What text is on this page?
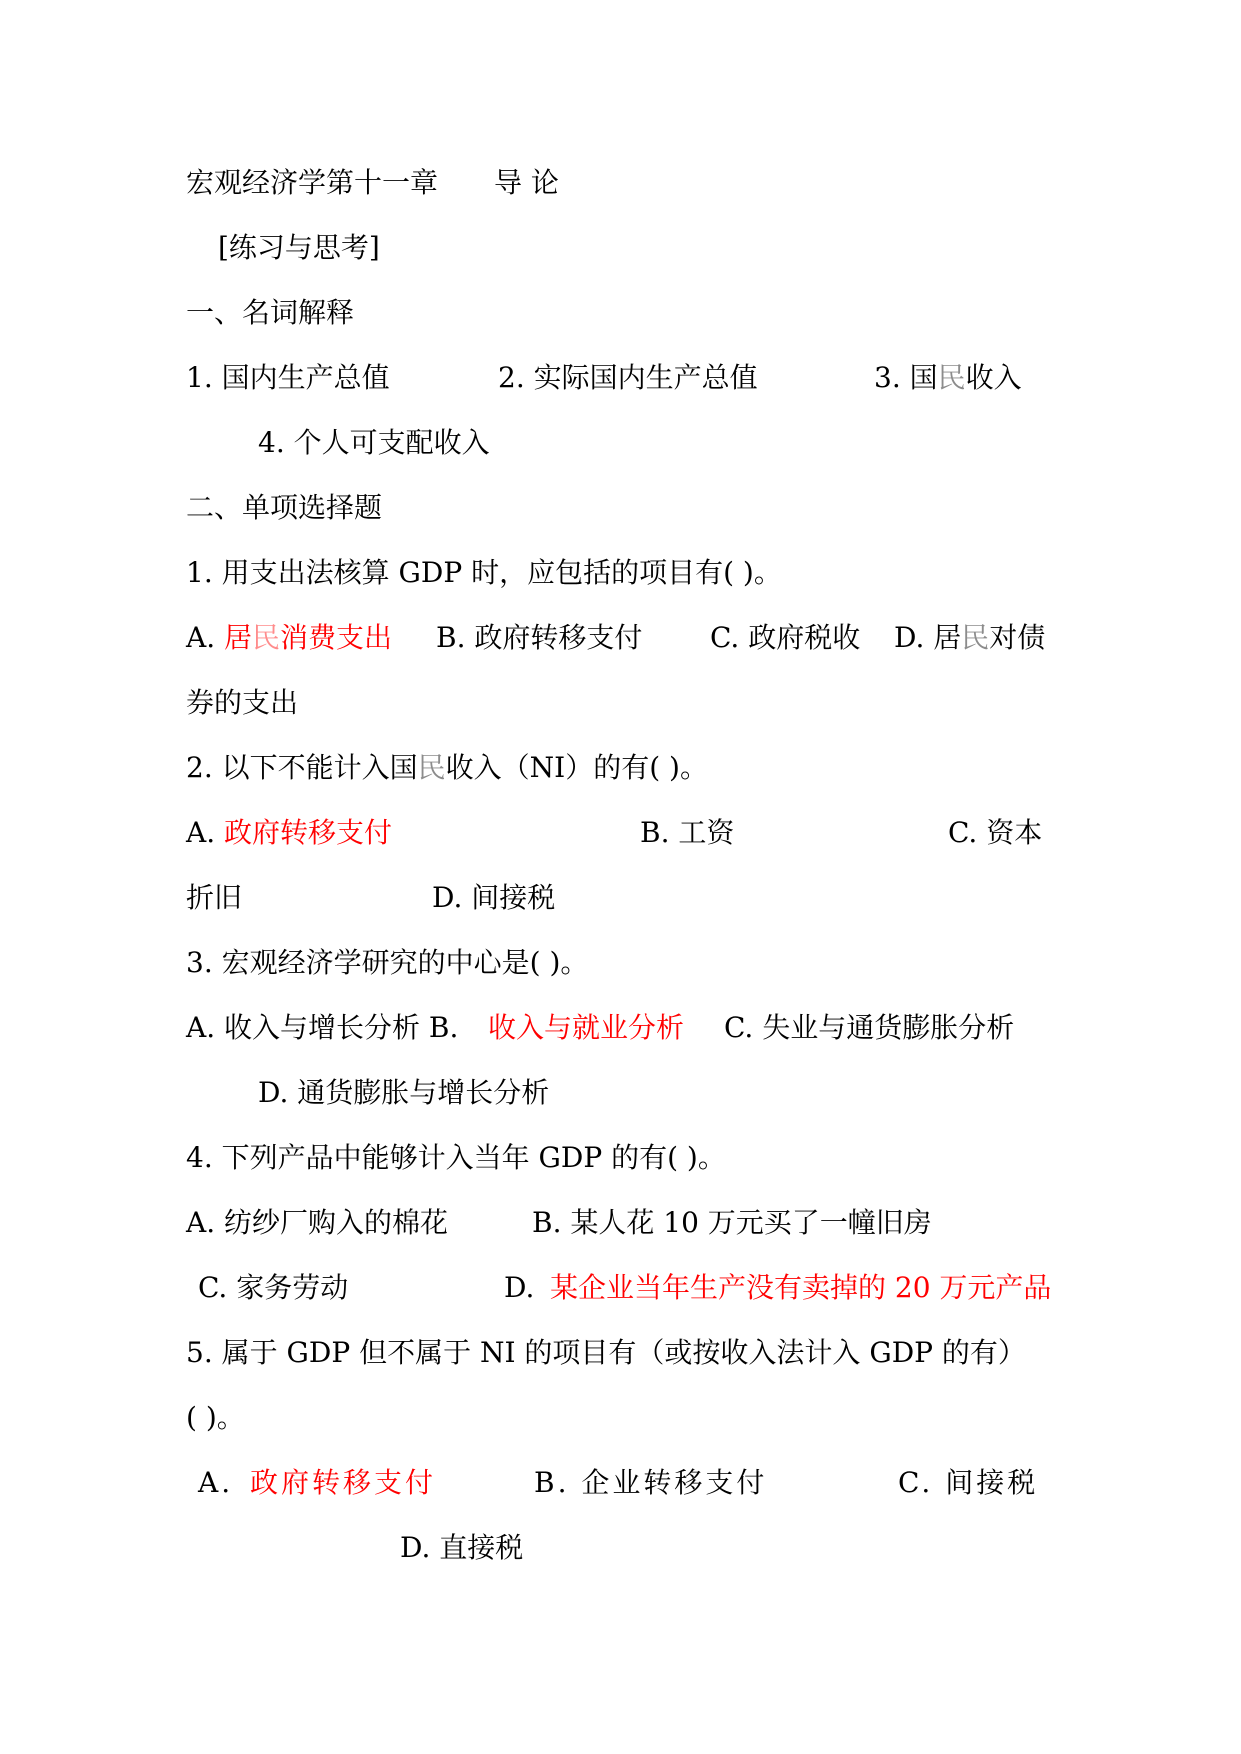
宏观经济学第十一章 导 论
[练习与思考]
一、名词解释
1. 国内生产总值	2. 实际国内生产总值	3. 国民收入
4. 个人可支配收入
二、单项选择题
1. 用支出法核算 GDP 时，应包括的项目有( )。
A. 居民消费支出 B. 政府转移支付 C. 政府税收 D. 居民对债
券的支出
2. 以下不能计入国民收入（NI）的有( )。
A. 政府转移支付	B. 工资	C. 资本
折旧	D. 间接税
3. 宏观经济学研究的中心是( )。
A. 收入与增长分析 B. 收入与就业分析 C. 失业与通货膨胀分析
D. 通货膨胀与增长分析
4. 下列产品中能够计入当年 GDP 的有( )。
A. 纺纱厂购入的棉花	B. 某人花 10 万元买了一幢旧房
C. 家务劳动	D. 某企业当年生产没有卖掉的 20 万元产品
5. 属于 GDP 但不属于 NI 的项目有（或按收入法计入 GDP 的有）
( )。
A. 政府转移支付	B. 企业转移支付	C. 间接税
D. 直接税
